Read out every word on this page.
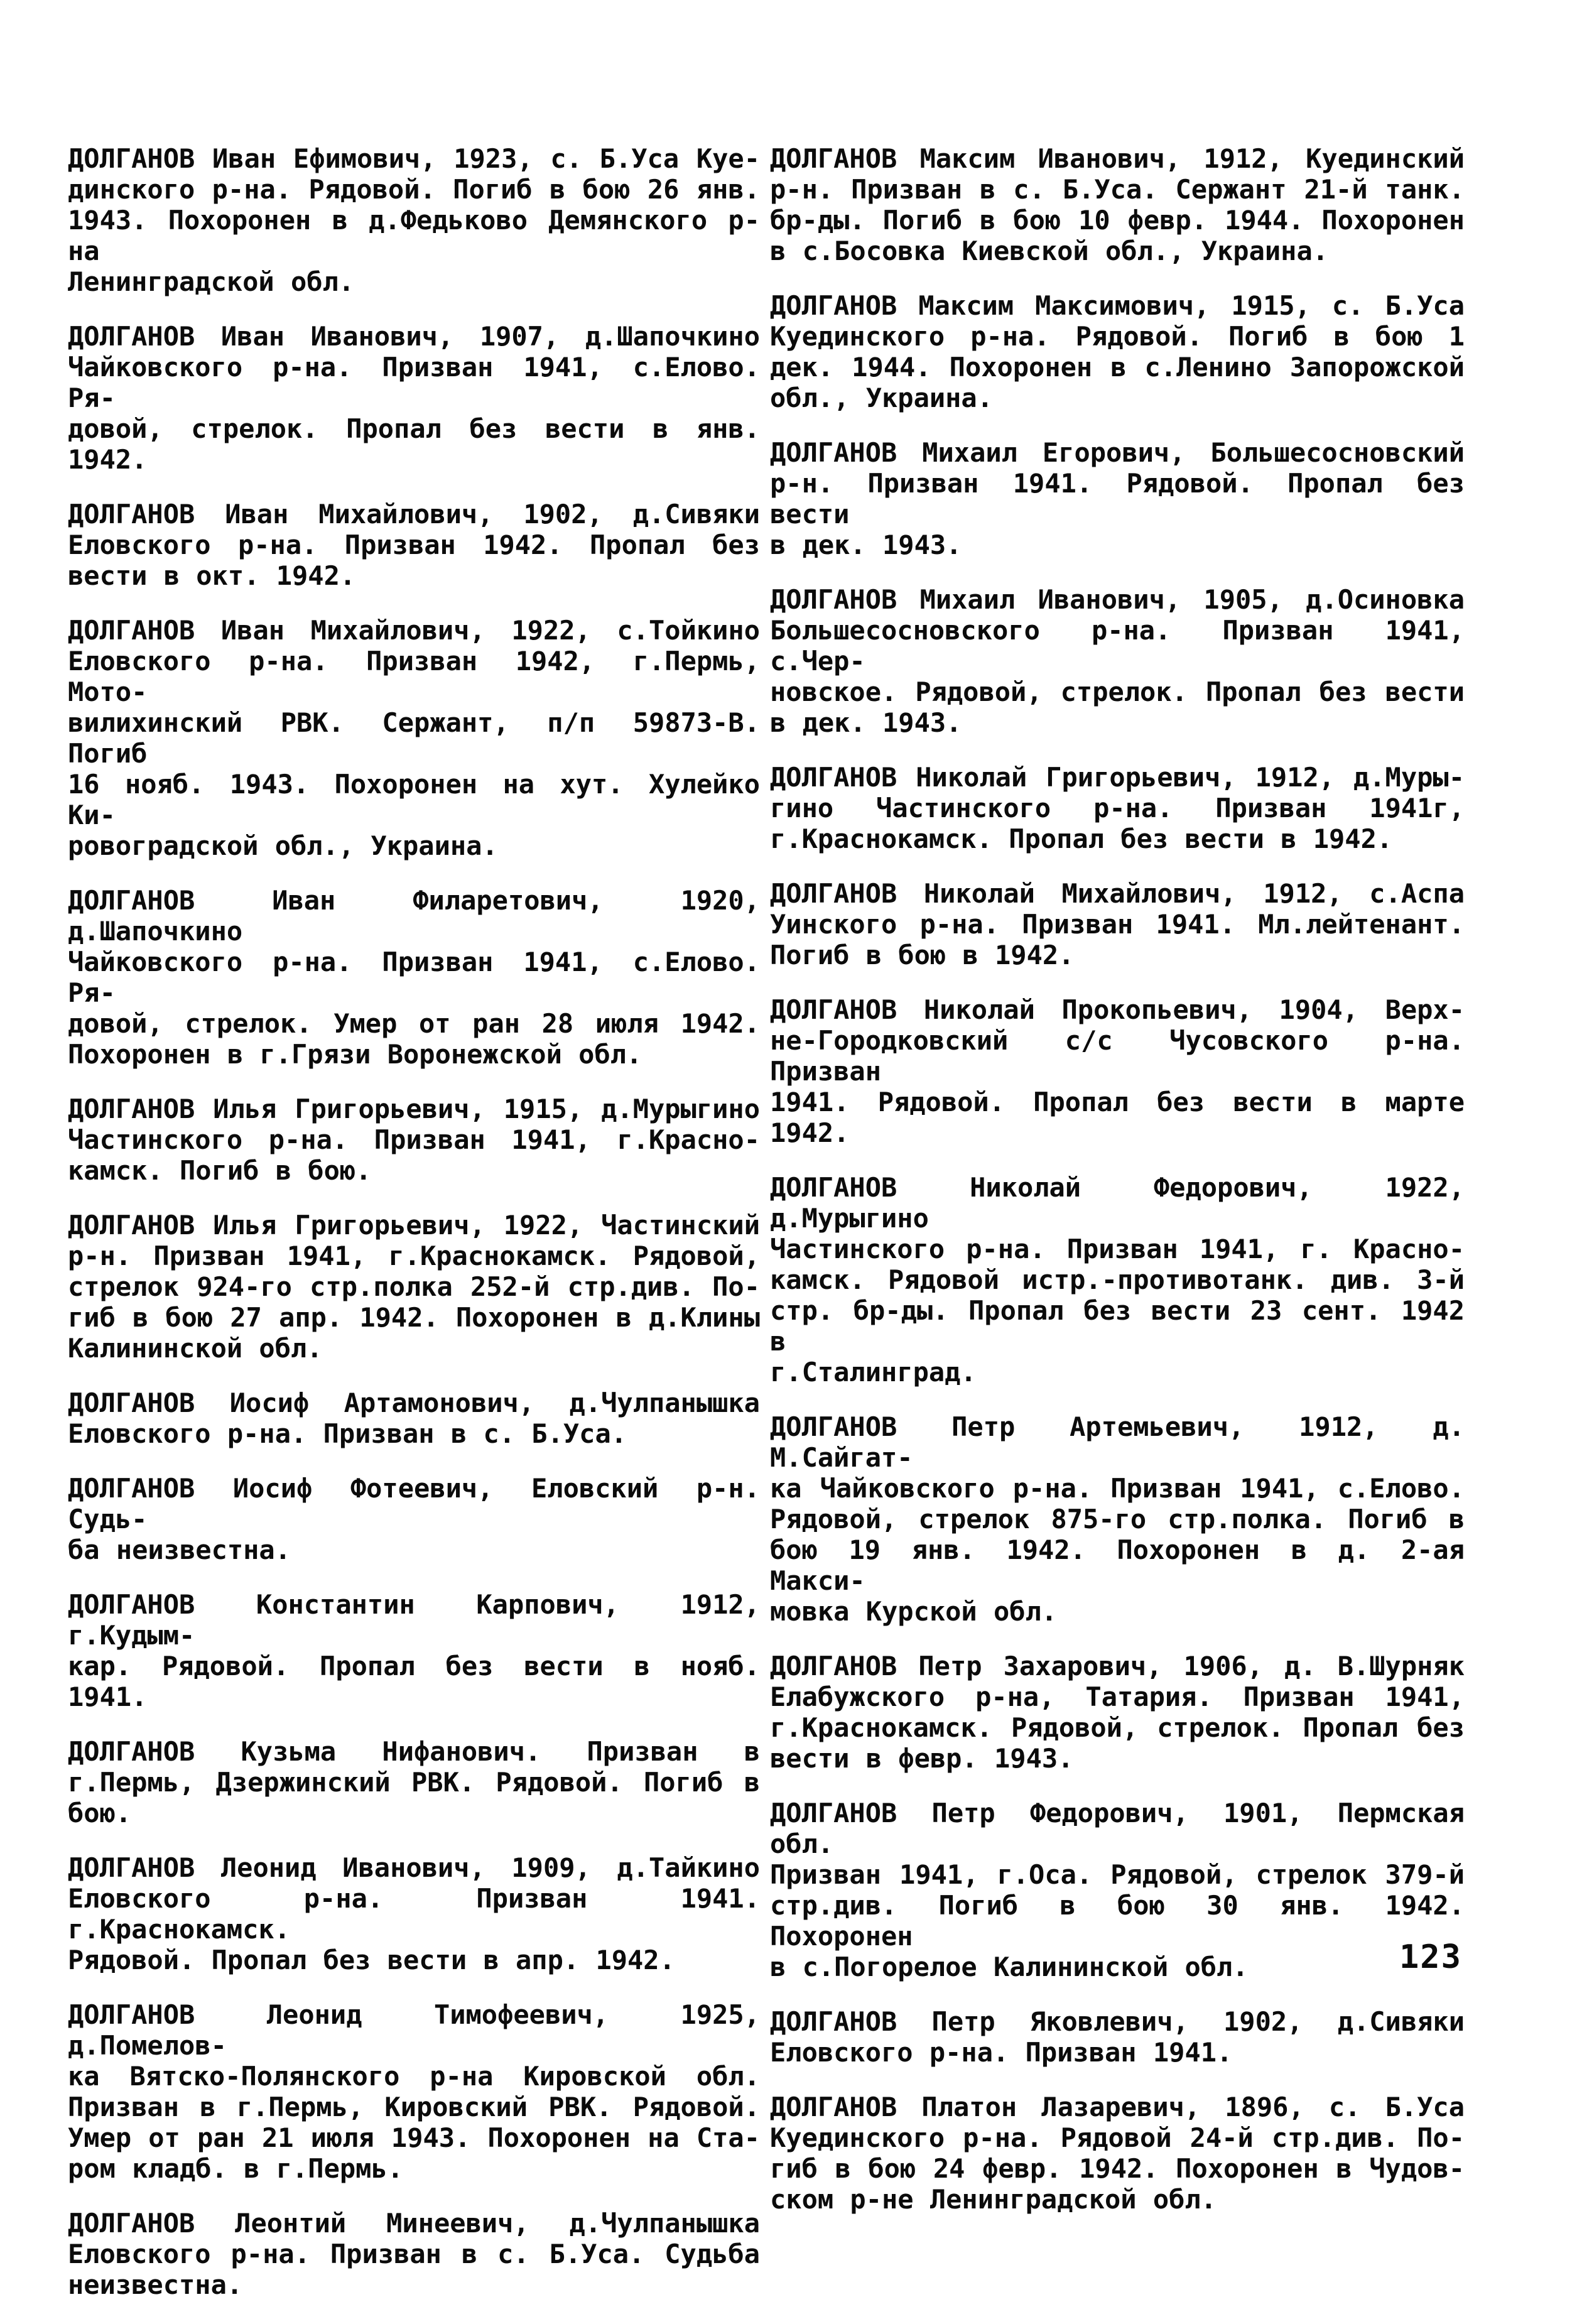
ДОЛГАНОВ Иван Ефимович, 1923, с. Б.Уса Куе-
динского р-на. Рядовой. Погиб в бою 26 янв.
1943. Похоронен в д.Федьково Демянского р-на
Ленинградской обл.
ДОЛГАНОВ Иван Иванович, 1907, д.Шапочкино
Чайковского р-на. Призван 1941, с.Елово. Ря-
довой, стрелок. Пропал без вести в янв.
1942.
ДОЛГАНОВ Иван Михайлович, 1902, д.Сивяки
Еловского р-на. Призван 1942. Пропал без
вести в окт. 1942.
ДОЛГАНОВ Иван Михайлович, 1922, с.Тойкино
Еловского р-на. Призван 1942, г.Пермь, Мото-
вилихинский РВК. Сержант, п/п 59873-В. Погиб
16 нояб. 1943. Похоронен на хут. Хулейко Ки-
ровоградской обл., Украина.
ДОЛГАНОВ Иван Филаретович, 1920, д.Шапочкино
Чайковского р-на. Призван 1941, с.Елово. Ря-
довой, стрелок. Умер от ран 28 июля 1942.
Похоронен в г.Грязи Воронежской обл.
ДОЛГАНОВ Илья Григорьевич, 1915, д.Мурыгино
Частинского р-на. Призван 1941, г.Красно-
камск. Погиб в бою.
ДОЛГАНОВ Илья Григорьевич, 1922, Частинский
р-н. Призван 1941, г.Краснокамск. Рядовой,
стрелок 924-го стр.полка 252-й стр.див. По-
гиб в бою 27 апр. 1942. Похоронен в д.Клины
Калининской обл.
ДОЛГАНОВ Иосиф Артамонович, д.Чулпанышка
Еловского р-на. Призван в с. Б.Уса.
ДОЛГАНОВ Иосиф Фотеевич, Еловский р-н. Судь-
ба неизвестна.
ДОЛГАНОВ Константин Карпович, 1912, г.Кудым-
кар. Рядовой. Пропал без вести в нояб. 1941.
ДОЛГАНОВ Кузьма Нифанович. Призван в
г.Пермь, Дзержинский РВК. Рядовой. Погиб в
бою.
ДОЛГАНОВ Леонид Иванович, 1909, д.Тайкино
Еловского р-на. Призван 1941. г.Краснокамск.
Рядовой. Пропал без вести в апр. 1942.
ДОЛГАНОВ Леонид Тимофеевич, 1925, д.Помелов-
ка Вятско-Полянского р-на Кировской обл.
Призван в г.Пермь, Кировский РВК. Рядовой.
Умер от ран 21 июля 1943. Похоронен на Ста-
ром кладб. в г.Пермь.
ДОЛГАНОВ Леонтий Минеевич, д.Чулпанышка
Еловского р-на. Призван в с. Б.Уса. Судьба
неизвестна.
ДОЛГАНОВ Максим Иванович, 1912, Куединский
р-н. Призван в с. Б.Уса. Сержант 21-й танк.
бр-ды. Погиб в бою 10 февр. 1944. Похоронен
в с.Босовка Киевской обл., Украина.
ДОЛГАНОВ Максим Максимович, 1915, с. Б.Уса
Куединского р-на. Рядовой. Погиб в бою 1
дек. 1944. Похоронен в с.Ленино Запорожской
обл., Украина.
ДОЛГАНОВ Михаил Егорович, Большесосновский
р-н. Призван 1941. Рядовой. Пропал без вести
в дек. 1943.
ДОЛГАНОВ Михаил Иванович, 1905, д.Осиновка
Большесосновского р-на. Призван 1941, с.Чер-
новское. Рядовой, стрелок. Пропал без вести
в дек. 1943.
ДОЛГАНОВ Николай Григорьевич, 1912, д.Муры-
гино Частинского р-на. Призван 1941г,
г.Краснокамск. Пропал без вести в 1942.
ДОЛГАНОВ Николай Михайлович, 1912, с.Аспа
Уинского р-на. Призван 1941. Мл.лейтенант.
Погиб в бою в 1942.
ДОЛГАНОВ Николай Прокопьевич, 1904, Верх-
не-Городковский с/с Чусовского р-на. Призван
1941. Рядовой. Пропал без вести в марте
1942.
ДОЛГАНОВ Николай Федорович, 1922, д.Мурыгино
Частинского р-на. Призван 1941, г. Красно-
камск. Рядовой истр.-противотанк. див. 3-й
стр. бр-ды. Пропал без вести 23 сент. 1942 в
г.Сталинград.
ДОЛГАНОВ Петр Артемьевич, 1912, д. М.Сайгат-
ка Чайковского р-на. Призван 1941, с.Елово.
Рядовой, стрелок 875-го стр.полка. Погиб в
бою 19 янв. 1942. Похоронен в д. 2-ая Макси-
мовка Курской обл.
ДОЛГАНОВ Петр Захарович, 1906, д. В.Шурняк
Елабужского р-на, Татария. Призван 1941,
г.Краснокамск. Рядовой, стрелок. Пропал без
вести в февр. 1943.
ДОЛГАНОВ Петр Федорович, 1901, Пермская обл.
Призван 1941, г.Оса. Рядовой, стрелок 379-й
стр.див. Погиб в бою 30 янв. 1942. Похоронен
в с.Погорелое Калининской обл.
ДОЛГАНОВ Петр Яковлевич, 1902, д.Сивяки
Еловского р-на. Призван 1941.
ДОЛГАНОВ Платон Лазаревич, 1896, с. Б.Уса
Куединского р-на. Рядовой 24-й стр.див. По-
гиб в бою 24 февр. 1942. Похоронен в Чудов-
ском р-не Ленинградской обл.
123
